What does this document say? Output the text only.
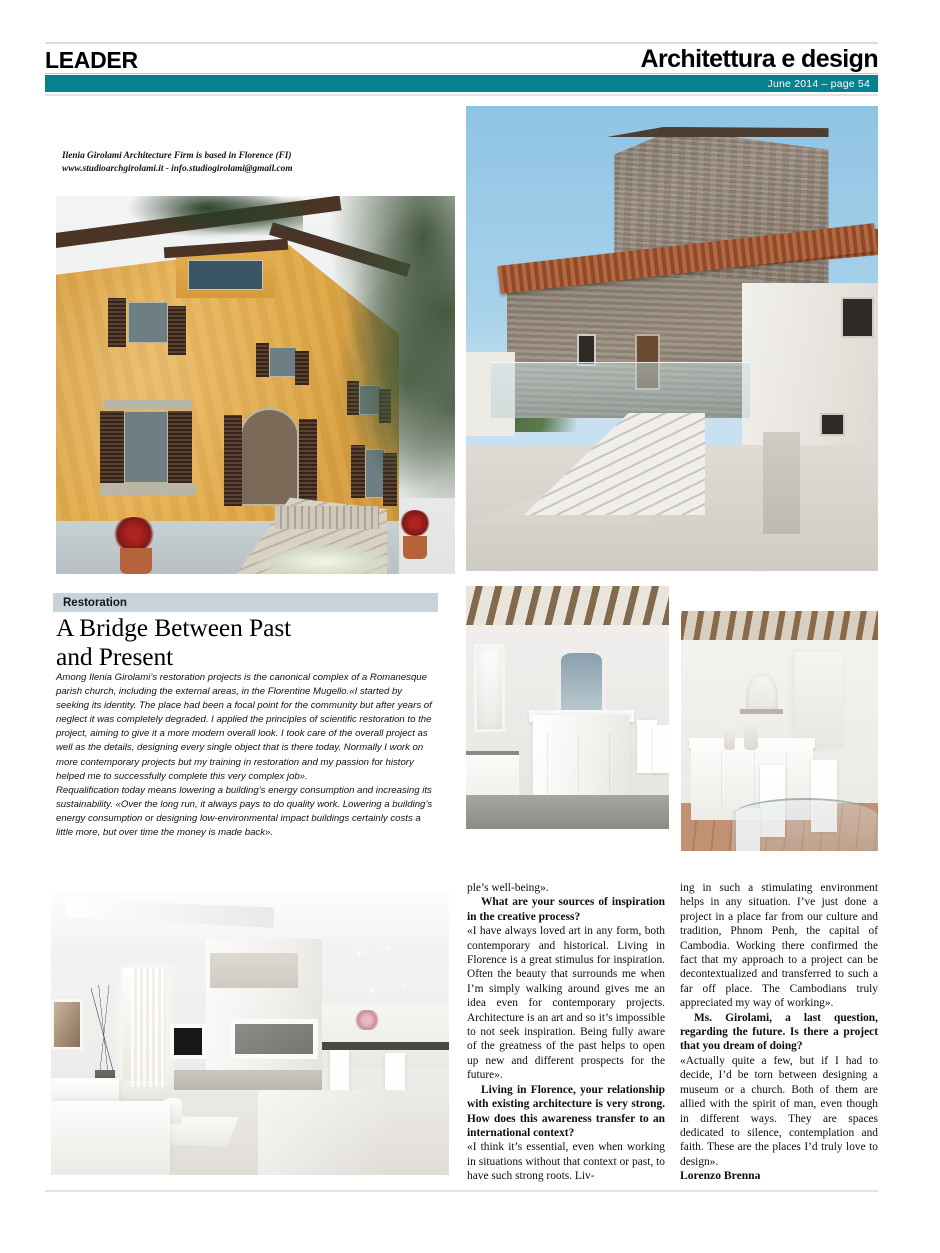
LEADER	Architettura e design
June 2014 – page 54
Ilenia Girolami Architecture Firm is based in Florence (FI)
www.studioarchgirolami.it - info.studiogirolami@gmail.com
Restoration
A Bridge Between Past
and Present

Among Ilenia Girolami’s restoration projects is the canonical complex of a Romanesque parish church, including the external areas, in the Florentine Mugello.«I started by seeking its identity. The place had been a focal point for the community but after years of neglect it was completely degraded. I applied the principles of scientific restoration to the project, aiming to give it a more modern overall look. I took care of the overall project as well as the details, designing every single object that is there today. Normally I work on more contemporary projects but my training in restoration and my passion for history helped me to successfully complete this very complex job».

Requalification today means lowering a building’s energy consumption and increasing its sustainability. «Over the long run, it always pays to do quality work. Lowering a building’s energy consumption or designing low-environmental impact buildings certainly costs a little more, but over time the money is made back».

ple’s well-being».
What are your sources of inspiration in the creative process?
«I have always loved art in any form, both contemporary and historical. Living in Florence is a great stimulus for inspiration. Often the beauty that surrounds me when I’m simply walking around gives me an idea even for contemporary projects. Architecture is an art and so it’s impossible to not seek inspiration. Being fully aware of the greatness of the past helps to open up new and different prospects for the future».
Living in Florence, your relationship with existing architecture is very strong. How does this awareness transfer to an international context?
«I think it’s essential, even when working in situations without that context or past, to have such strong roots. Liv-
ing in such a stimulating environment helps in any situation. I’ve just done a project in a place far from our culture and tradition, Phnom Penh, the capital of Cambodia. Working there confirmed the fact that my approach to a project can be decontextualized and transferred to such a far off place. The Cambodians truly appreciated my way of working».
Ms. Girolami, a last question, regarding the future. Is there a project that you dream of doing?
«Actually quite a few, but if I had to decide, I’d be torn between designing a museum or a church. Both of them are allied with the spirit of man, even though in different ways. They are spaces dedicated to silence, contemplation and faith. These are the places I’d truly love to design».
Lorenzo Brenna
